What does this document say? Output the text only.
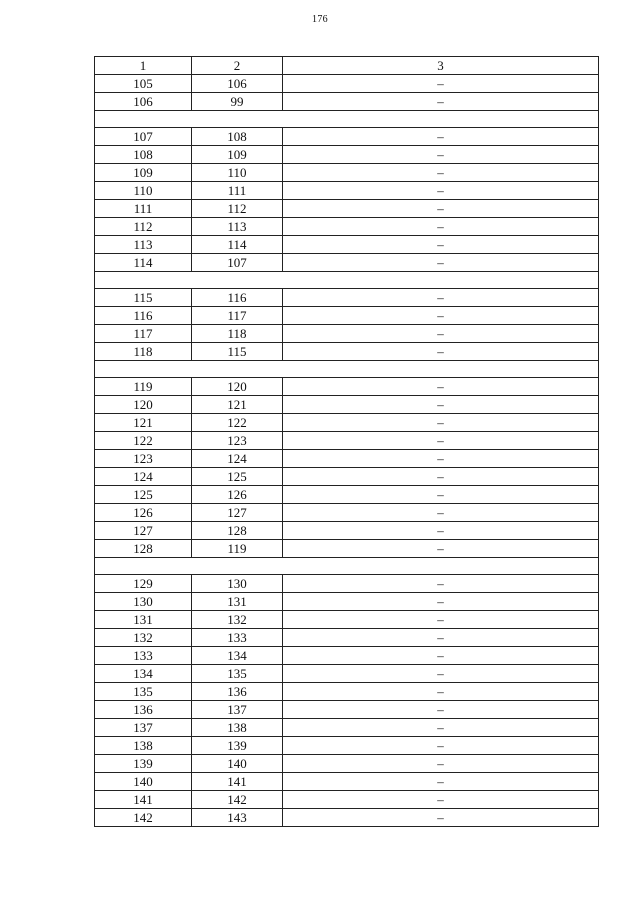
176
1	2	3
105	106	–
106	99	–

107	108	–
108	109	–
109	110	–
110	111	–
111	112	–
112	113	–
113	114	–
114	107	–

115	116	–
116	117	–
117	118	–
118	115	–

119	120	–
120	121	–
121	122	–
122	123	–
123	124	–
124	125	–
125	126	–
126	127	–
127	128	–
128	119	–

129	130	–
130	131	–
131	132	–
132	133	–
133	134	–
134	135	–
135	136	–
136	137	–
137	138	–
138	139	–
139	140	–
140	141	–
141	142	–
142	143	–
